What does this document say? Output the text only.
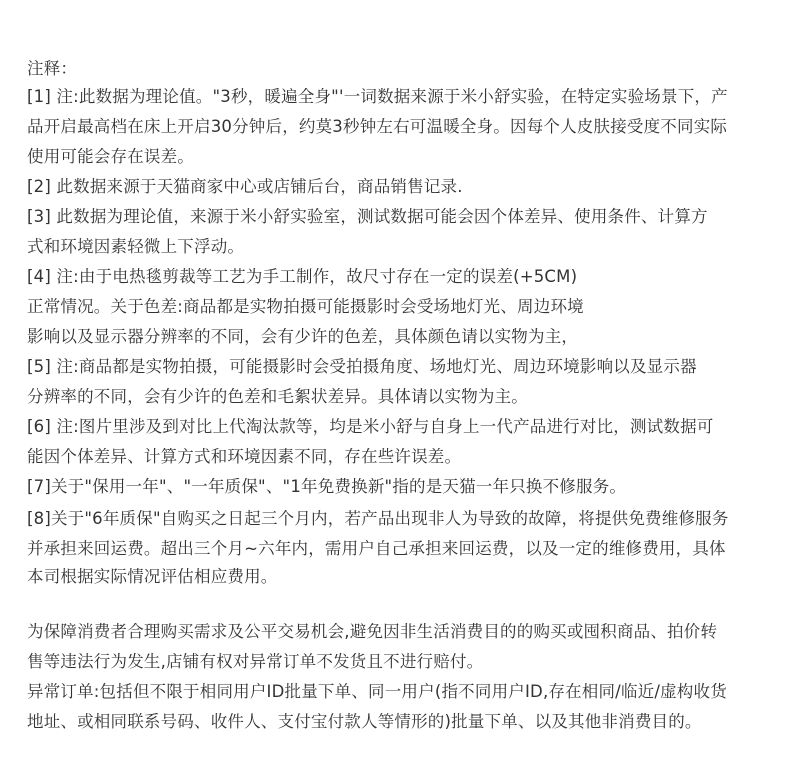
注释：
[1] 注:此数据为理论值。"3秒，暖遍全身"'一词数据来源于米小舒实验，在特定实验场景下，产
品开启最高档在床上开启30分钟后，约莫3秒钟左右可温暖全身。因每个人皮肤接受度不同实际
使用可能会存在误差。
[2] 此数据来源于天猫商家中心或店铺后台，商品销售记录.
[3] 此数据为理论值，来源于米小舒实验室，测试数据可能会因个体差异、使用条件、计算方
式和环境因素轻微上下浮动。
[4] 注:由于电热毯剪裁等工艺为手工制作，故尺寸存在一定的误差(+5CM)
正常情况。关于色差:商品都是实物拍摄可能摄影时会受场地灯光、周边环境
影响以及显示器分辨率的不同，会有少许的色差，具体颜色请以实物为主，
[5] 注:商品都是实物拍摄，可能摄影时会受拍摄角度、场地灯光、周边环境影响以及显示器
分辨率的不同，会有少许的色差和毛絮状差异。具体请以实物为主。
[6] 注:图片里涉及到对比上代淘汰款等，均是米小舒与自身上一代产品进行对比，测试数据可
能因个体差异、计算方式和环境因素不同，存在些许误差。
[7]关于"保用一年"、"一年质保"、"1年免费换新"指的是天猫一年只换不修服务。
[8]关于"6年质保"自购买之日起三个月内，若产品出现非人为导致的故障，将提供免费维修服务
并承担来回运费。超出三个月~六年内，需用户自己承担来回运费，以及一定的维修费用，具体
本司根据实际情况评估相应费用。
为保障消费者合理购买需求及公平交易机会,避免因非生活消费目的的购买或囤积商品、拍价转
售等违法行为发生,店铺有权对异常订单不发货且不进行赔付。
异常订单:包括但不限于相同用户ID批量下单、同一用户(指不同用户ID,存在相同/临近/虚构收货
地址、或相同联系号码、收件人、支付宝付款人等情形的)批量下单、以及其他非消费目的。
